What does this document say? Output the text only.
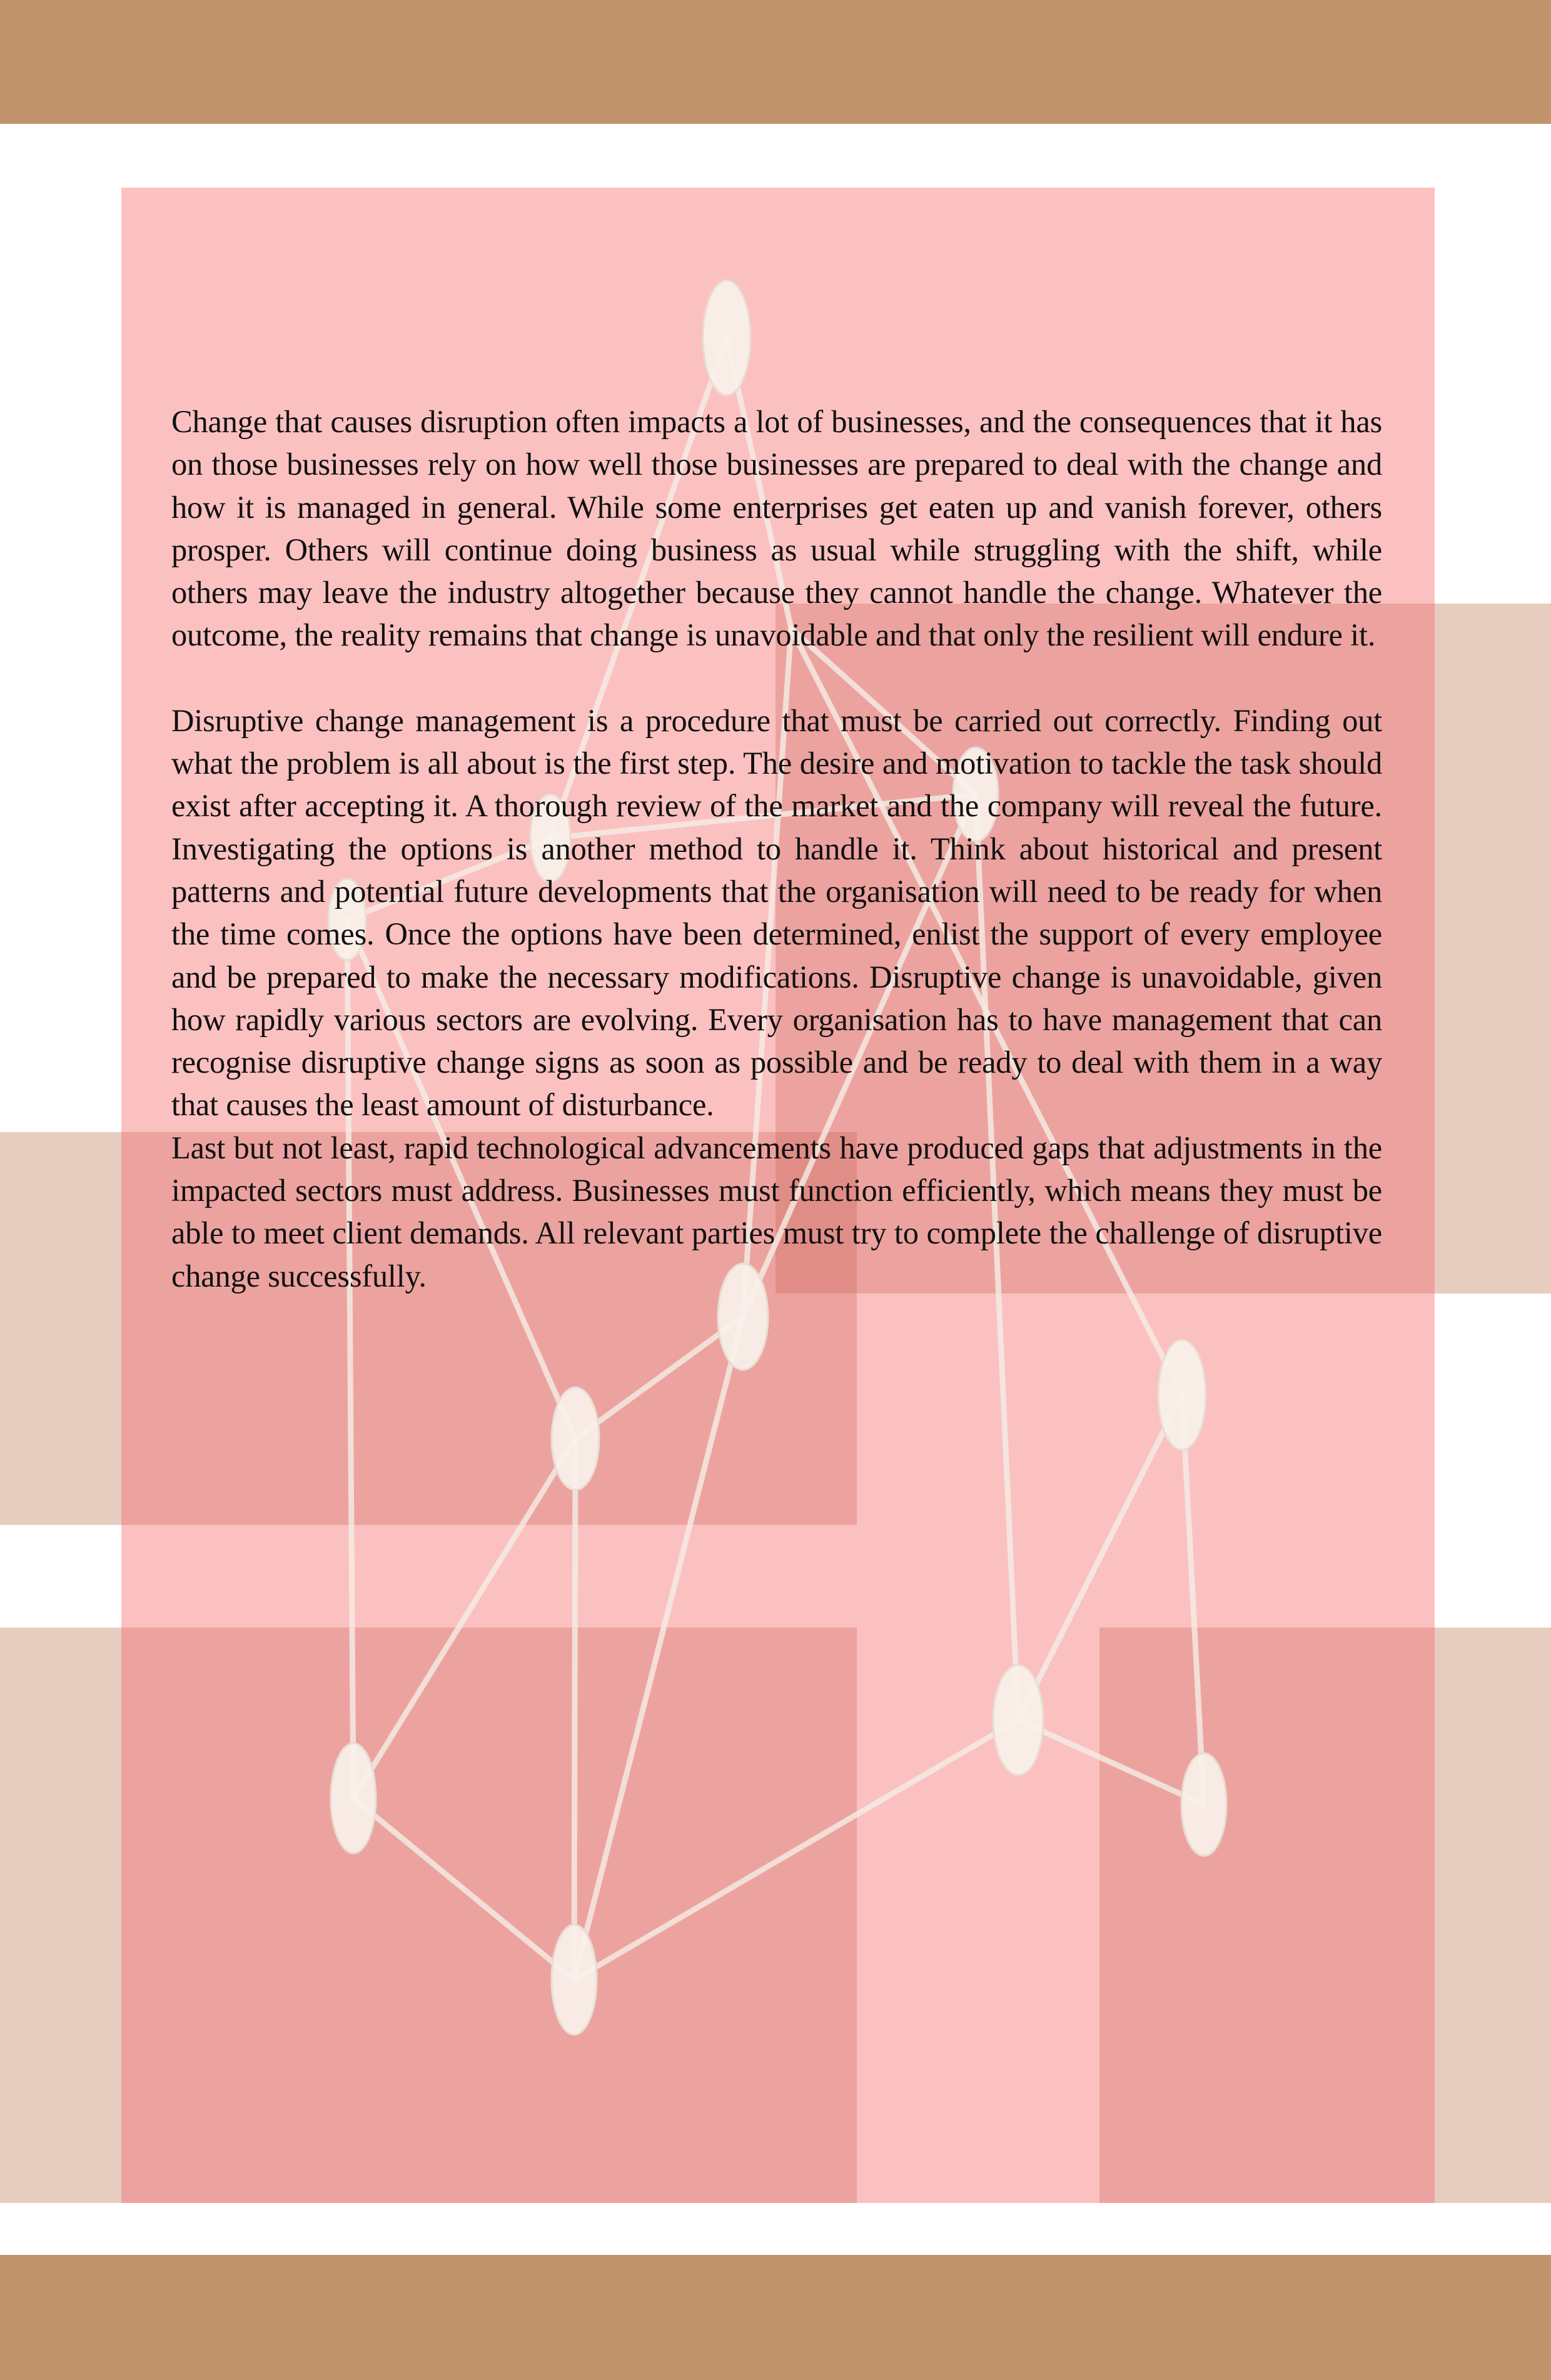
Change that causes disruption often impacts a lot of businesses, and the consequences that it has on those businesses rely on how well those businesses are prepared to deal with the change and how it is managed in general. While some enterprises get eaten up and vanish forever, others prosper. Others will continue doing business as usual while struggling with the shift, while others may leave the industry altogether because they cannot handle the change. Whatever the outcome, the reality remains that change is unavoidable and that only the resilient will endure it.

Disruptive change management is a procedure that must be carried out correctly. Finding out what the problem is all about is the first step. The desire and motivation to tackle the task should exist after accepting it. A thorough review of the market and the company will reveal the future. Investigating the options is another method to handle it. Think about historical and present patterns and potential future developments that the organisation will need to be ready for when the time comes. Once the options have been determined, enlist the support of every employee and be prepared to make the necessary modifications. Disruptive change is unavoidable, given how rapidly various sectors are evolving. Every organisation has to have management that can recognise disruptive change signs as soon as possible and be ready to deal with them in a way that causes the least amount of disturbance.

Last but not least, rapid technological advancements have produced gaps that adjustments in the impacted sectors must address. Businesses must function efficiently, which means they must be able to meet client demands. All relevant parties must try to complete the challenge of disruptive change successfully.
